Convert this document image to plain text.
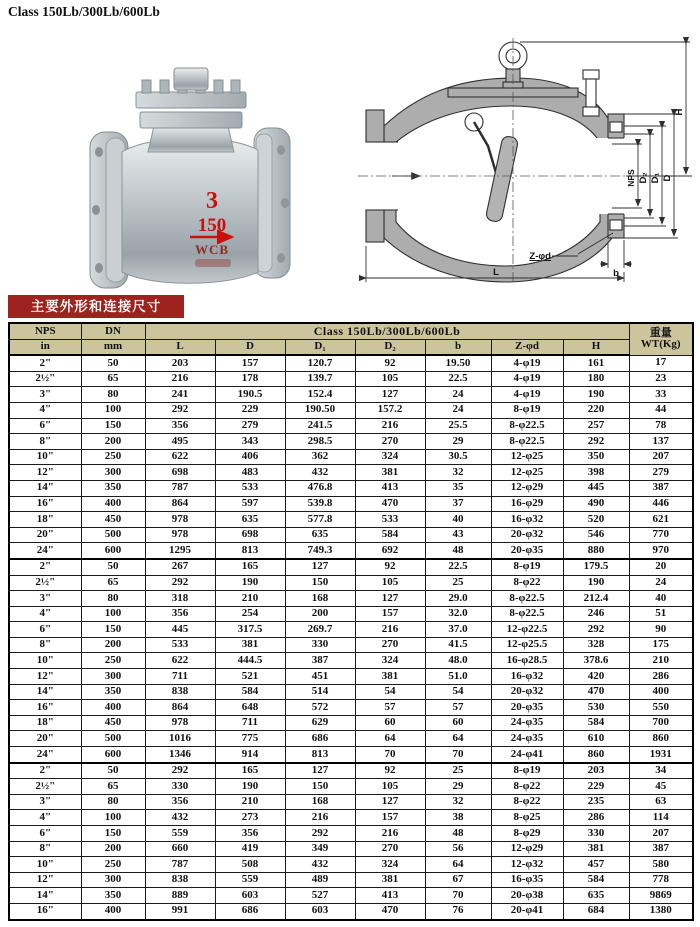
Class 150Lb/300Lb/600Lb
3
150
WCB
H
D
D₁
D₂
NPS
b
L
Z-φd
主要外形和连接尺寸
NPS	DN	Class 150Lb/300Lb/600Lb							重量
WT(Kg)

in	mm	L	D	D₁	D₂	b	Z-φd	H	
2"	50	203	157	120.7	92	19.50	4-φ19	161	17
2½"	65	216	178	139.7	105	22.5	4-φ19	180	23
3"	80	241	190.5	152.4	127	24	4-φ19	190	33
4"	100	292	229	190.50	157.2	24	8-φ19	220	44
6"	150	356	279	241.5	216	25.5	8-φ22.5	257	78
8"	200	495	343	298.5	270	29	8-φ22.5	292	137
10"	250	622	406	362	324	30.5	12-φ25	350	207
12"	300	698	483	432	381	32	12-φ25	398	279
14"	350	787	533	476.8	413	35	12-φ29	445	387
16"	400	864	597	539.8	470	37	16-φ29	490	446
18"	450	978	635	577.8	533	40	16-φ32	520	621
20"	500	978	698	635	584	43	20-φ32	546	770
24"	600	1295	813	749.3	692	48	20-φ35	880	970
2"	50	267	165	127	92	22.5	8-φ19	179.5	20
2½"	65	292	190	150	105	25	8-φ22	190	24
3"	80	318	210	168	127	29.0	8-φ22.5	212.4	40
4"	100	356	254	200	157	32.0	8-φ22.5	246	51
6"	150	445	317.5	269.7	216	37.0	12-φ22.5	292	90
8"	200	533	381	330	270	41.5	12-φ25.5	328	175
10"	250	622	444.5	387	324	48.0	16-φ28.5	378.6	210
12"	300	711	521	451	381	51.0	16-φ32	420	286
14"	350	838	584	514	54	54	20-φ32	470	400
16"	400	864	648	572	57	57	20-φ35	530	550
18"	450	978	711	629	60	60	24-φ35	584	700
20"	500	1016	775	686	64	64	24-φ35	610	860
24"	600	1346	914	813	70	70	24-φ41	860	1931
2"	50	292	165	127	92	25	8-φ19	203	34
2½"	65	330	190	150	105	29	8-φ22	229	45
3"	80	356	210	168	127	32	8-φ22	235	63
4"	100	432	273	216	157	38	8-φ25	286	114
6"	150	559	356	292	216	48	8-φ29	330	207
8"	200	660	419	349	270	56	12-φ29	381	387
10"	250	787	508	432	324	64	12-φ32	457	580
12"	300	838	559	489	381	67	16-φ35	584	778
14"	350	889	603	527	413	70	20-φ38	635	9869
16"	400	991	686	603	470	76	20-φ41	684	1380
